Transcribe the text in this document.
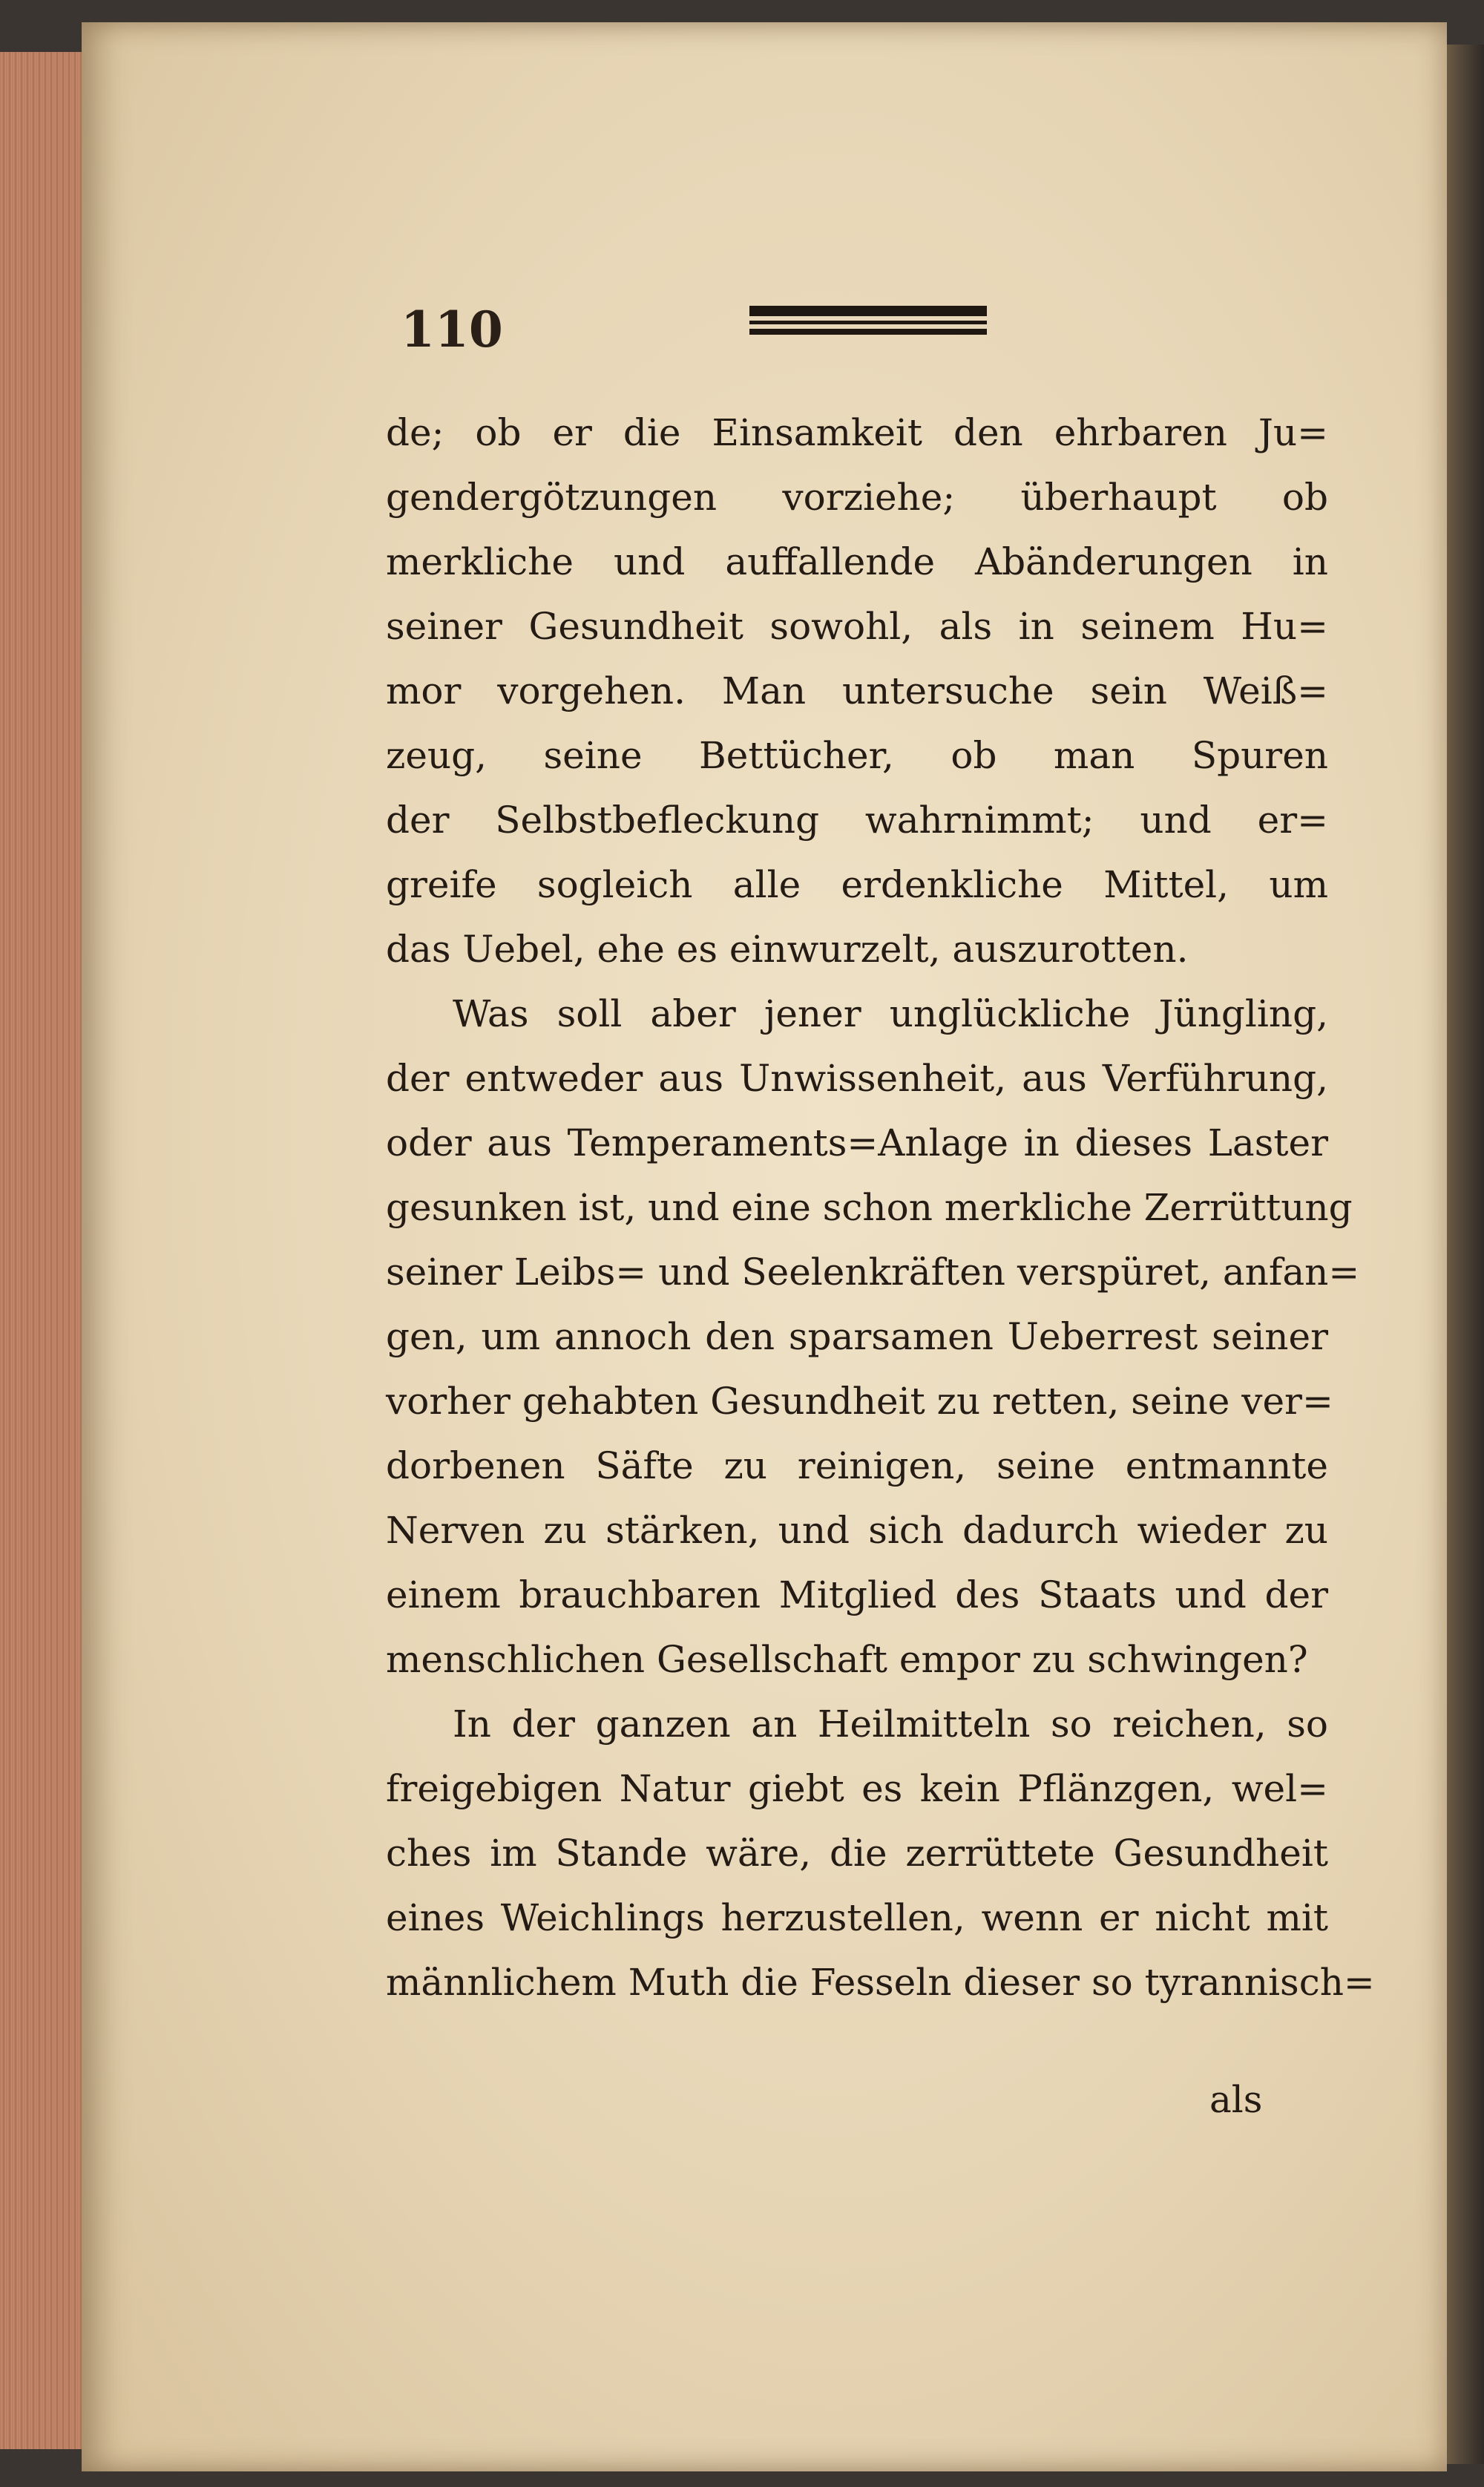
110
de; ob er die Einsamkeit den ehrbaren Ju=
gendergötzungen vorziehe; überhaupt ob
merkliche und auffallende Abänderungen in
seiner Gesundheit sowohl, als in seinem Hu=
mor vorgehen. Man untersuche sein Weiß=
zeug, seine Bettücher, ob man Spuren
der Selbstbefleckung wahrnimmt; und er=
greife sogleich alle erdenkliche Mittel, um
das Uebel, ehe es einwurzelt, auszurotten.
Was soll aber jener unglückliche Jüngling,
der entweder aus Unwissenheit, aus Verführung,
oder aus Temperaments=Anlage in dieses Laster
gesunken ist, und eine schon merkliche Zerrüttung
seiner Leibs= und Seelenkräften verspüret, anfan=
gen, um annoch den sparsamen Ueberrest seiner
vorher gehabten Gesundheit zu retten, seine ver=
dorbenen Säfte zu reinigen, seine entmannte
Nerven zu stärken, und sich dadurch wieder zu
einem brauchbaren Mitglied des Staats und der
menschlichen Gesellschaft empor zu schwingen?
In der ganzen an Heilmitteln so reichen, so
freigebigen Natur giebt es kein Pflänzgen, wel=
ches im Stande wäre, die zerrüttete Gesundheit
eines Weichlings herzustellen, wenn er nicht mit
männlichem Muth die Fesseln dieser so tyrannisch=
als
